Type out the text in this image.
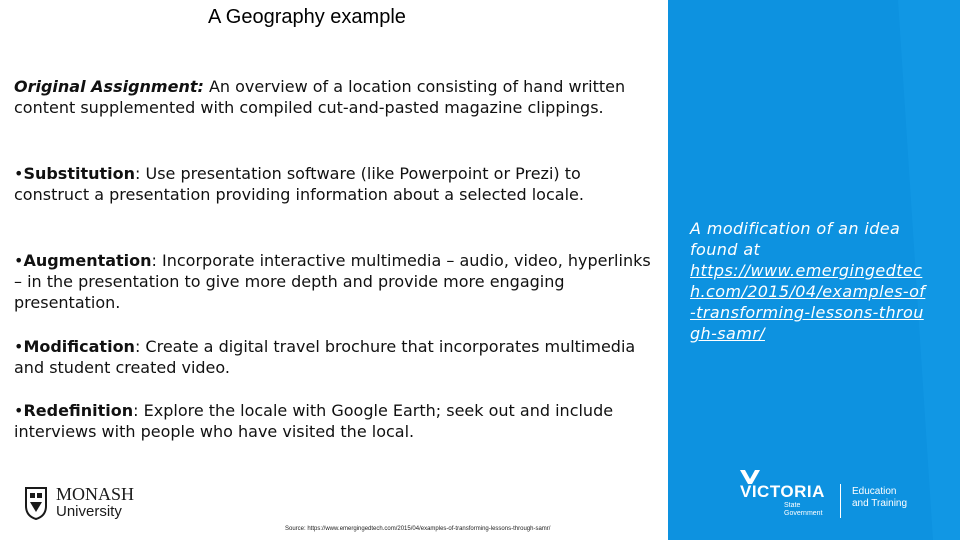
A Geography example
Original Assignment: An overview of a location consisting of hand written content supplemented with compiled cut-and-pasted magazine clippings.
•Substitution: Use presentation software (like Powerpoint or Prezi) to construct a presentation providing information about a selected locale.
•Augmentation: Incorporate interactive multimedia – audio, video, hyperlinks – in the presentation to give more depth and provide more engaging presentation.
•Modification: Create a digital travel brochure that incorporates multimedia and student created video.
•Redefinition: Explore the locale with Google Earth; seek out and include interviews with people who have visited the local.
A modification of an idea found at
https://www.emergingedtech.com/2015/04/examples-of-transforming-lessons-through-samr/
MONASH
University
Source: https://www.emergingedtech.com/2015/04/examples-of-transforming-lessons-through-samr/
VICTORIA
State
Government
Education
and Training
